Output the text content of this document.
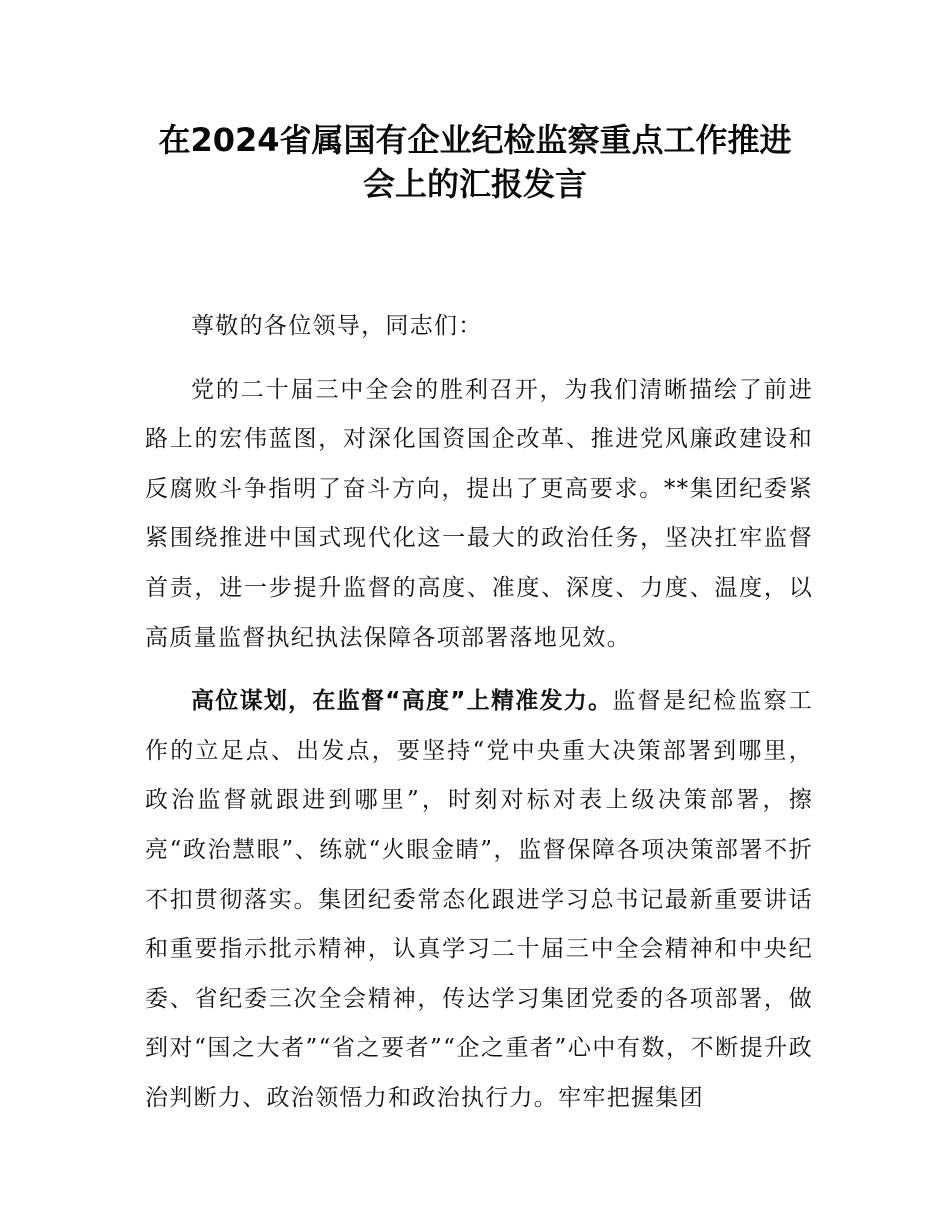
在2024省属国有企业纪检监察重点工作推进
会上的汇报发言

尊敬的各位领导，同志们：

党的二十届三中全会的胜利召开，为我们清晰描绘了前进路上的宏伟蓝图，对深化国资国企改革、推进党风廉政建设和反腐败斗争指明了奋斗方向，提出了更高要求。**集团纪委紧紧围绕推进中国式现代化这一最大的政治任务，坚决扛牢监督首责，进一步提升监督的高度、准度、深度、力度、温度，以高质量监督执纪执法保障各项部署落地见效。

高位谋划，在监督“高度”上精准发力。监督是纪检监察工作的立足点、出发点，要坚持“党中央重大决策部署到哪里，政治监督就跟进到哪里”，时刻对标对表上级决策部署，擦亮“政治慧眼”、练就“火眼金睛”，监督保障各项决策部署不折不扣贯彻落实。集团纪委常态化跟进学习总书记最新重要讲话和重要指示批示精神，认真学习二十届三中全会精神和中央纪委、省纪委三次全会精神，传达学习集团党委的各项部署，做到对“国之大者”“省之要者”“企之重者”心中有数，不断提升政治判断力、政治领悟力和政治执行力。牢牢把握集团
